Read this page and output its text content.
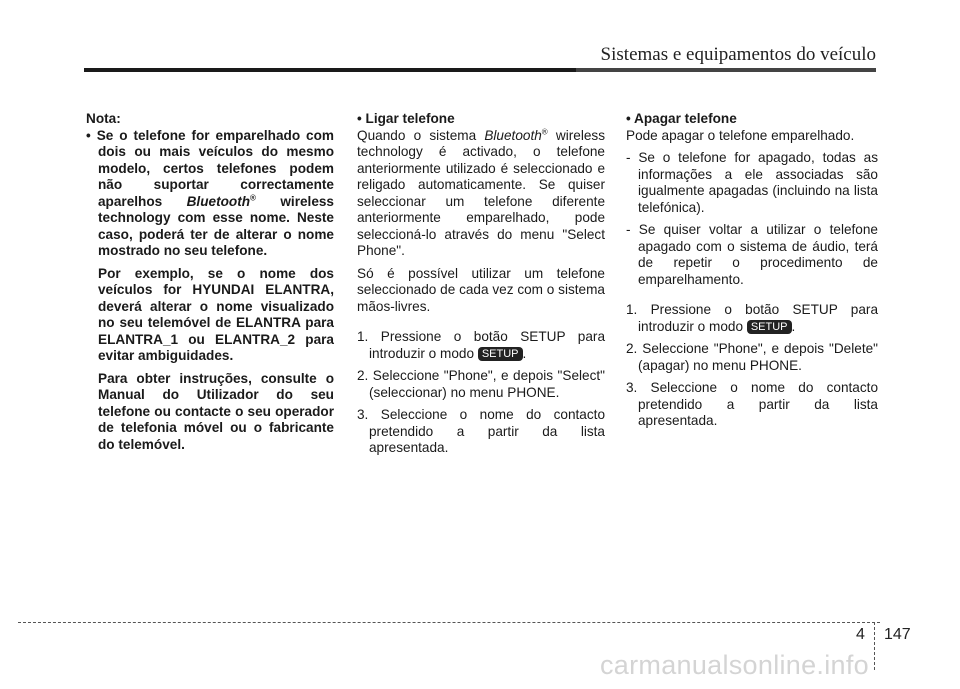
Sistemas e equipamentos do veículo

Nota:

• Se o telefone for emparelhado com dois ou mais veículos do mesmo modelo, certos telefones podem não suportar correctamente aparelhos Bluetooth® wireless technology com esse nome. Neste caso, poderá ter de alterar o nome mostrado no seu telefone.

Por exemplo, se o nome dos veículos for HYUNDAI ELANTRA, deverá alterar o nome visualizado no seu telemóvel de ELANTRA para ELANTRA_1 ou ELANTRA_2 para evitar ambiguidades.

Para obter instruções, consulte o Manual do Utilizador do seu telefone ou contacte o seu operador de telefonia móvel ou o fabricante do telemóvel.

• Ligar telefone

Quando o sistema Bluetooth® wireless technology é activado, o telefone anteriormente utilizado é seleccionado e religado automaticamente. Se quiser seleccionar um telefone diferente anteriormente emparelhado, pode seleccioná-lo através do menu "Select Phone".

Só é possível utilizar um telefone seleccionado de cada vez com o sistema mãos-livres.

1. Pressione o botão SETUP para introduzir o modo SETUP .

2. Seleccione "Phone", e depois "Select" (seleccionar) no menu PHONE.

3. Seleccione o nome do contacto pretendido a partir da lista apresentada.

• Apagar telefone

Pode apagar o telefone emparelhado.

- Se o telefone for apagado, todas as informações a ele associadas são igualmente apagadas (incluindo na lista telefónica).

- Se quiser voltar a utilizar o telefone apagado com o sistema de áudio, terá de repetir o procedimento de emparelhamento.

1. Pressione o botão SETUP para introduzir o modo SETUP .

2. Seleccione "Phone", e depois "Delete" (apagar) no menu PHONE.

3. Seleccione o nome do contacto pretendido a partir da lista apresentada.

4 147
carmanualsonline.info
